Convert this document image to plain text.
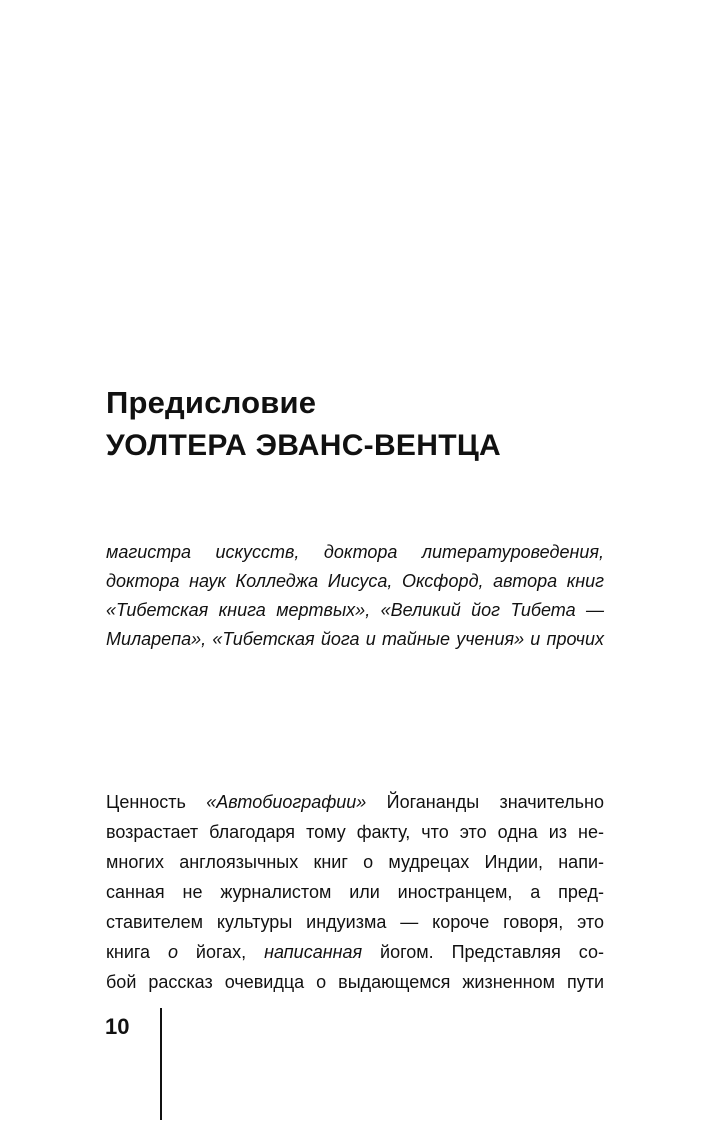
Предисловие
УОЛТЕРА ЭВАНС-ВЕНТЦА
магистра искусств, доктора литературоведения,
доктора наук Колледжа Иисуса, Оксфорд, автора книг
«Тибетская книга мертвых», «Великий йог Тибета —
Миларепа», «Тибетская йога и тайные учения» и прочих
Ценность «Автобиографии» Йогананды значительно
возрастает благодаря тому факту, что это одна из не-
многих англоязычных книг о мудрецах Индии, напи-
санная не журналистом или иностранцем, а пред-
ставителем культуры индуизма — короче говоря, это
книга о йогах, написанная йогом. Представляя со-
бой рассказ очевидца о выдающемся жизненном пути
10
